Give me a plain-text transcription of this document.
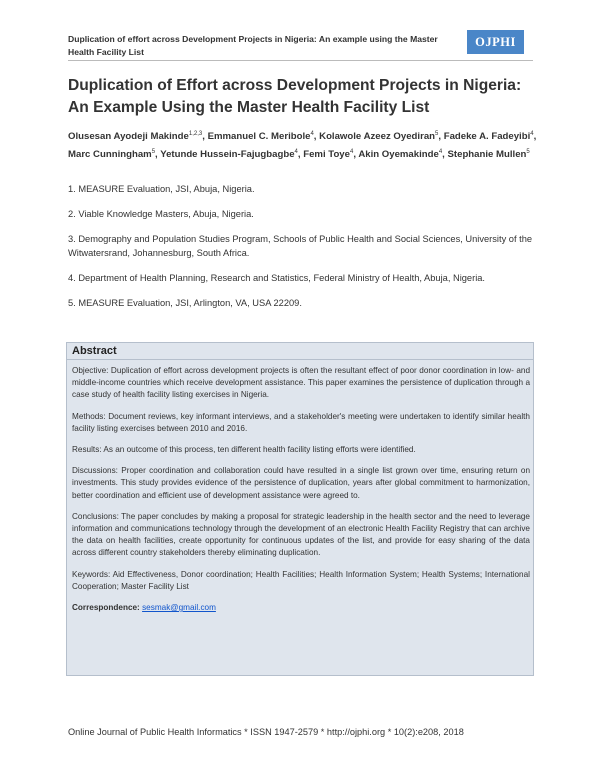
Duplication of effort across Development Projects in Nigeria: An example using the Master Health Facility List
OJPHI
Duplication of Effort across Development Projects in Nigeria: An Example Using the Master Health Facility List
Olusesan Ayodeji Makinde$^{1,2,3}$, Emmanuel C. Meribole$^4$, Kolawole Azeez Oyediran$^5$, Fadeke A. Fadeyibi$^4$, Marc Cunningham$^5$, Yetunde Hussein-Fajugbagbe$^4$, Femi Toye$^4$, Akin Oyemakinde$^4$, Stephanie Mullen$^5$

1. MEASURE Evaluation, JSI, Abuja, Nigeria.

2. Viable Knowledge Masters, Abuja, Nigeria.

3. Demography and Population Studies Program, Schools of Public Health and Social Sciences, University of the Witwatersrand, Johannesburg, South Africa.

4. Department of Health Planning, Research and Statistics, Federal Ministry of Health, Abuja, Nigeria.

5. MEASURE Evaluation, JSI, Arlington, VA, USA 22209.

Abstract

Objective: Duplication of effort across development projects is often the resultant effect of poor donor coordination in low- and middle-income countries which receive development assistance. This paper examines the persistence of duplication through a case study of health facility listing exercises in Nigeria.

Methods: Document reviews, key informant interviews, and a stakeholder's meeting were undertaken to identify similar health facility listing exercises between 2010 and 2016.

Results: As an outcome of this process, ten different health facility listing efforts were identified.

Discussions: Proper coordination and collaboration could have resulted in a single list grown over time, ensuring return on investments. This study provides evidence of the persistence of duplication, years after global commitment to harmonization, better coordination and efficient use of development assistance were agreed to.

Conclusions: The paper concludes by making a proposal for strategic leadership in the health sector and the need to leverage information and communications technology through the development of an electronic Health Facility Registry that can archive the data on health facilities, create opportunity for continuous updates of the list, and provide for easy sharing of the data across different country stakeholders thereby eliminating duplication.

Keywords: Aid Effectiveness, Donor coordination; Health Facilities; Health Information System; Health Systems; International Cooperation; Master Facility List

Correspondence: sesmak@gmail.com

Online Journal of Public Health Informatics * ISSN 1947-2579 * http://ojphi.org * 10(2):e208, 2018
